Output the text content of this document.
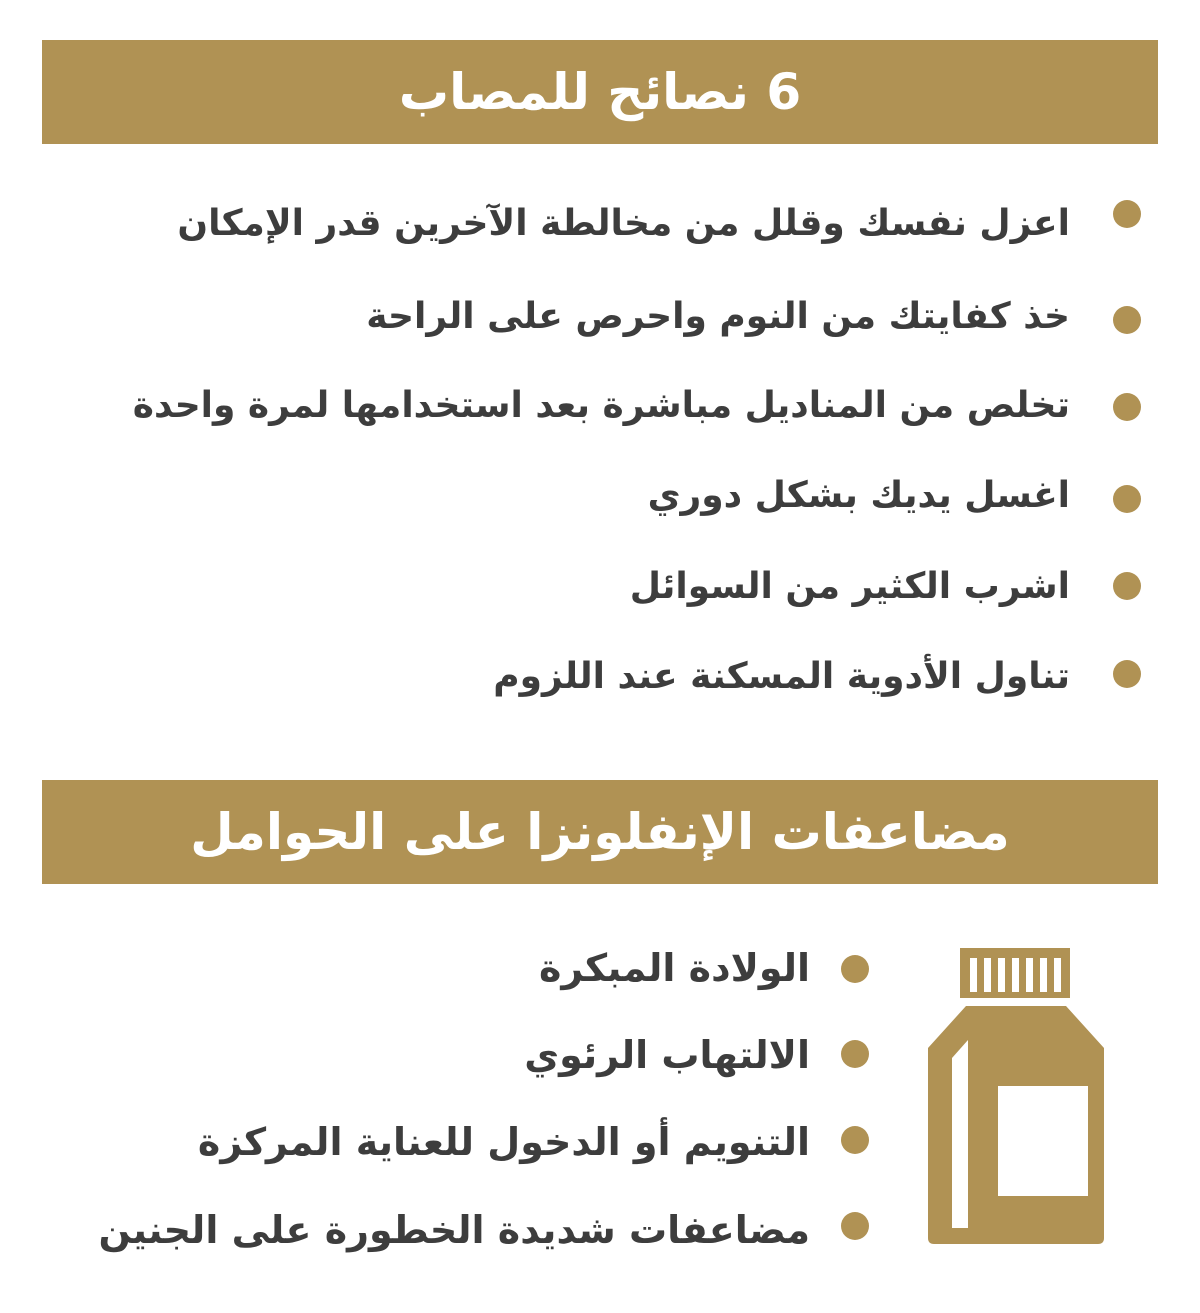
6 نصائح للمصاب
اعزل نفسك وقلل من مخالطة الآخرين قدر الإمكان
خذ كفايتك من النوم واحرص على الراحة
تخلص من المناديل مباشرة بعد استخدامها لمرة واحدة
اغسل يديك بشكل دوري
اشرب الكثير من السوائل
تناول الأدوية المسكنة عند اللزوم
مضاعفات الإنفلونزا على الحوامل
الولادة المبكرة
الالتهاب الرئوي
التنويم أو الدخول للعناية المركزة
مضاعفات شديدة الخطورة على الجنين
